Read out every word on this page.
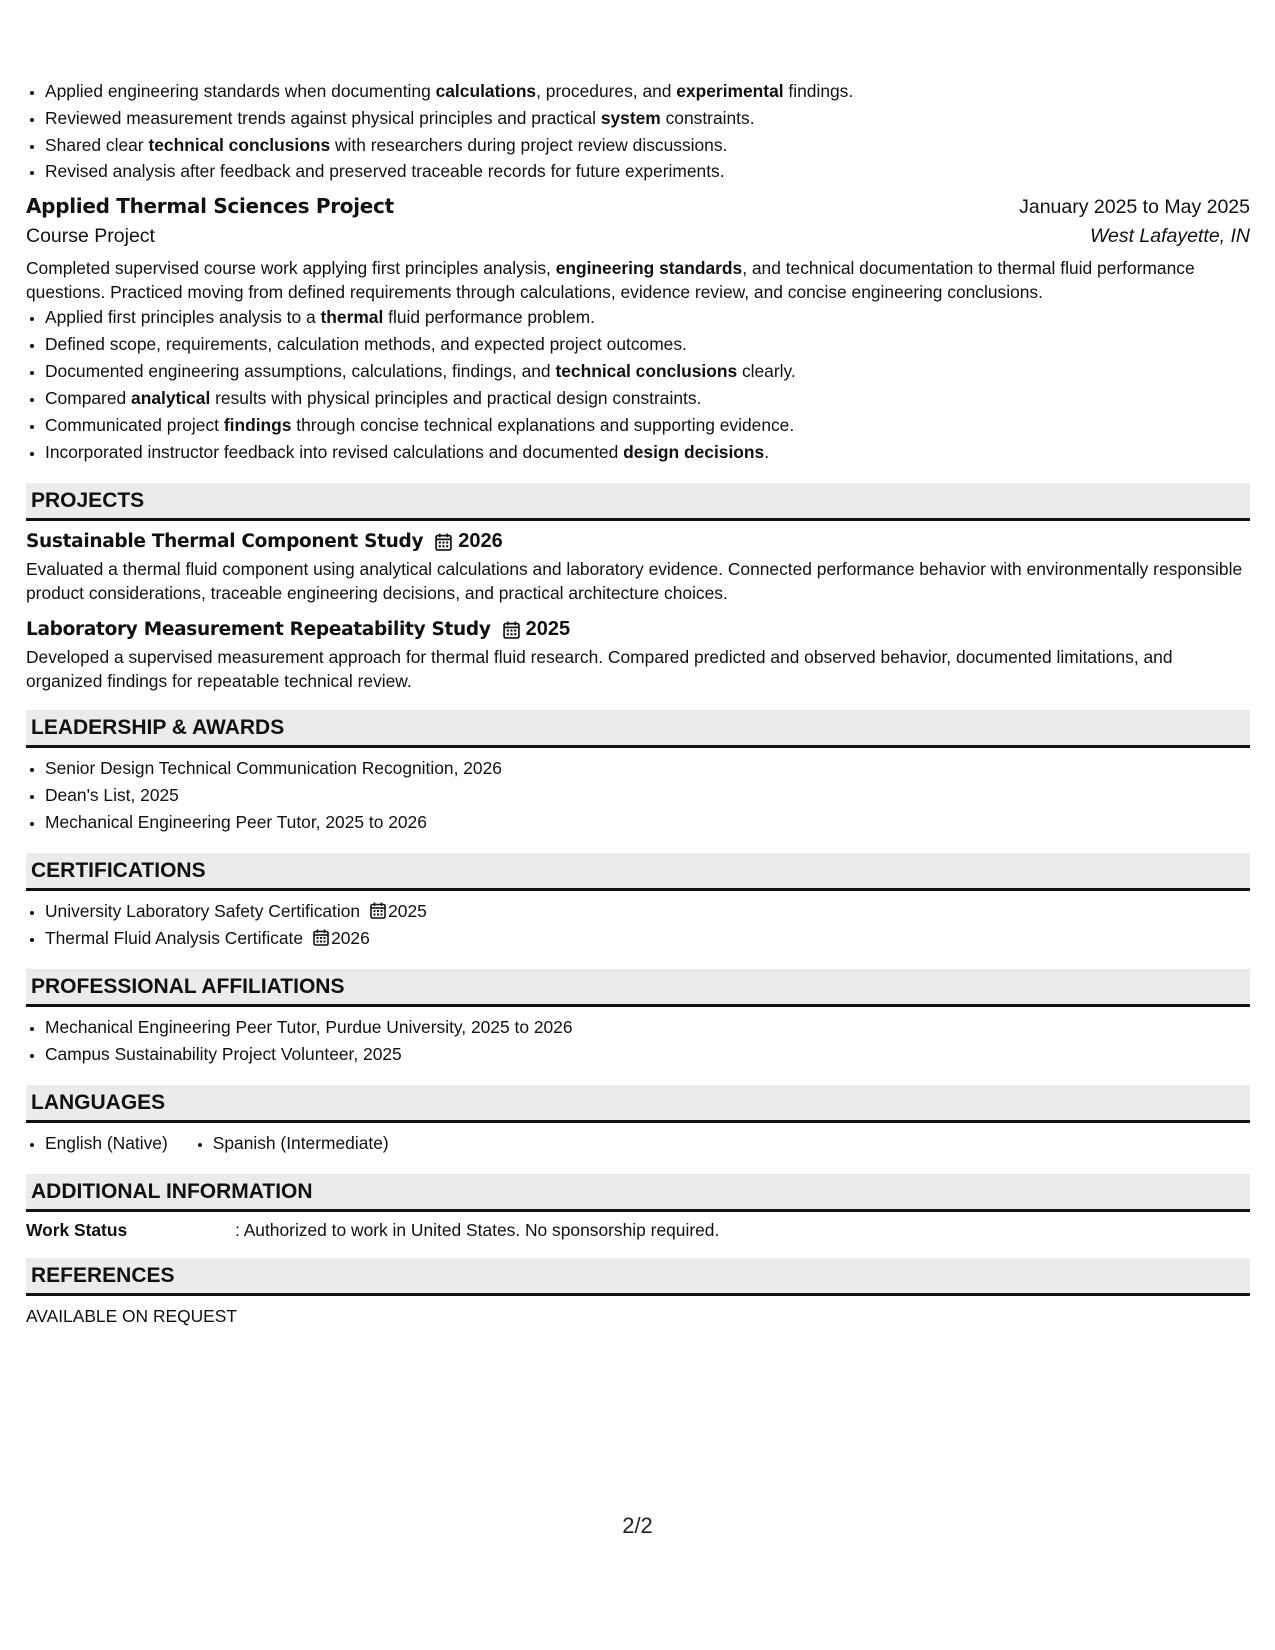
• Applied engineering standards when documenting calculations, procedures, and experimental findings.
• Reviewed measurement trends against physical principles and practical system constraints.
• Shared clear technical conclusions with researchers during project review discussions.
• Revised analysis after feedback and preserved traceable records for future experiments.
Applied Thermal Sciences Project	January 2025 to May 2025
Course Project	West Lafayette, IN
Completed supervised course work applying first principles analysis, engineering standards, and technical documentation to thermal fluid performance questions. Practiced moving from defined requirements through calculations, evidence review, and concise engineering conclusions.
• Applied first principles analysis to a thermal fluid performance problem.
• Defined scope, requirements, calculation methods, and expected project outcomes.
• Documented engineering assumptions, calculations, findings, and technical conclusions clearly.
• Compared analytical results with physical principles and practical design constraints.
• Communicated project findings through concise technical explanations and supporting evidence.
• Incorporated instructor feedback into revised calculations and documented design decisions.
PROJECTS
Sustainable Thermal Component Study 2026
Evaluated a thermal fluid component using analytical calculations and laboratory evidence. Connected performance behavior with environmentally responsible product considerations, traceable engineering decisions, and practical architecture choices.
Laboratory Measurement Repeatability Study 2025
Developed a supervised measurement approach for thermal fluid research. Compared predicted and observed behavior, documented limitations, and organized findings for repeatable technical review.
LEADERSHIP & AWARDS
• Senior Design Technical Communication Recognition, 2026
• Dean's List, 2025
• Mechanical Engineering Peer Tutor, 2025 to 2026
CERTIFICATIONS
• University Laboratory Safety Certification 2025
• Thermal Fluid Analysis Certificate 2026
PROFESSIONAL AFFILIATIONS
• Mechanical Engineering Peer Tutor, Purdue University, 2025 to 2026
• Campus Sustainability Project Volunteer, 2025
LANGUAGES
• English (Native)
•	Spanish (Intermediate)
ADDITIONAL INFORMATION
Work Status	: Authorized to work in United States. No sponsorship required.
REFERENCES
AVAILABLE ON REQUEST
2/2
